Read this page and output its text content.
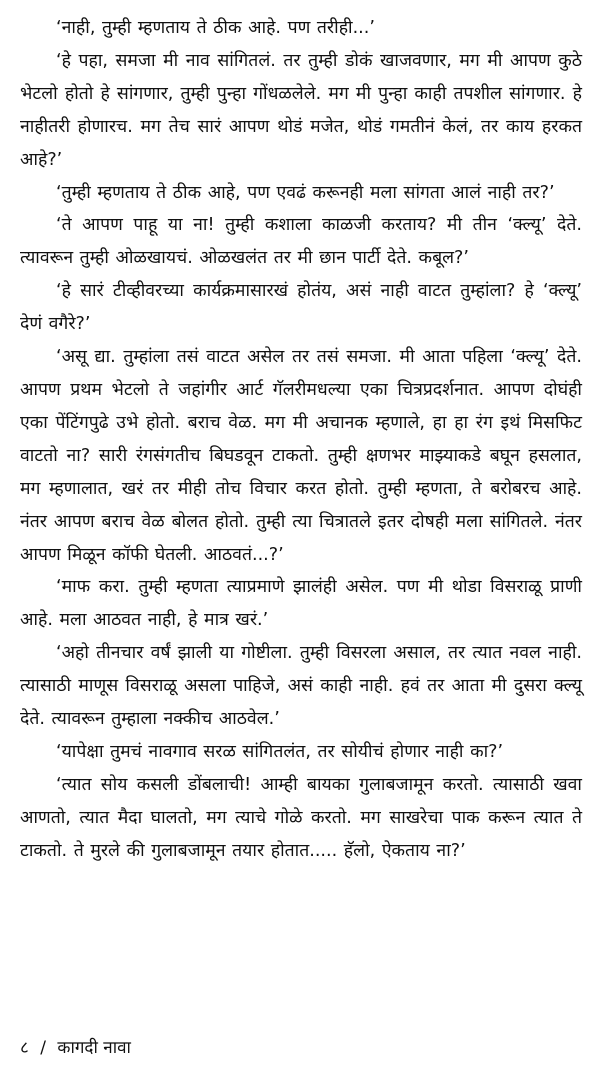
‘नाही, तुम्ही म्हणताय ते ठीक आहे. पण तरीही...’

‘हे पहा, समजा मी नाव सांगितलं. तर तुम्ही डोकं खाजवणार, मग मी आपण कुठे भेटलो होतो हे सांगणार, तुम्ही पुन्हा गोंधळलेले. मग मी पुन्हा काही तपशील सांगणार. हे नाहीतरी होणारच. मग तेच सारं आपण थोडं मजेत, थोडं गमतीनं केलं, तर काय हरकत आहे?’

‘तुम्ही म्हणताय ते ठीक आहे, पण एवढं करूनही मला सांगता आलं नाही तर?’

‘ते आपण पाहू या ना! तुम्ही कशाला काळजी करताय? मी तीन ‘क्ल्यू’ देते. त्यावरून तुम्ही ओळखायचं. ओळखलंत तर मी छान पार्टी देते. कबूल?’

‘हे सारं टीव्हीवरच्या कार्यक्रमासारखं होतंय, असं नाही वाटत तुम्हांला? हे ‘क्ल्यू’ देणं वगैरे?’

‘असू द्या. तुम्हांला तसं वाटत असेल तर तसं समजा. मी आता पहिला ‘क्ल्यू’ देते. आपण प्रथम भेटलो ते जहांगीर आर्ट गॅलरीमधल्या एका चित्रप्रदर्शनात. आपण दोघंही एका पेंटिंगपुढे उभे होतो. बराच वेळ. मग मी अचानक म्हणाले, हा हा रंग इथं मिसफिट वाटतो ना? सारी रंगसंगतीच बिघडवून टाकतो. तुम्ही क्षणभर माझ्याकडे बघून हसलात, मग म्हणालात, खरं तर मीही तोच विचार करत होतो. तुम्ही म्हणता, ते बरोबरच आहे. नंतर आपण बराच वेळ बोलत होतो. तुम्ही त्या चित्रातले इतर दोषही मला सांगितले. नंतर आपण मिळून कॉफी घेतली. आठवतं...?’

‘माफ करा. तुम्ही म्हणता त्याप्रमाणे झालंही असेल. पण मी थोडा विसराळू प्राणी आहे. मला आठवत नाही, हे मात्र खरं.’

‘अहो तीनचार वर्षं झाली या गोष्टीला. तुम्ही विसरला असाल, तर त्यात नवल नाही. त्यासाठी माणूस विसराळू असला पाहिजे, असं काही नाही. हवं तर आता मी दुसरा क्ल्यू देते. त्यावरून तुम्हाला नक्कीच आठवेल.’

‘यापेक्षा तुमचं नावगाव सरळ सांगितलंत, तर सोयीचं होणार नाही का?’

‘त्यात सोय कसली डोंबलाची! आम्ही बायका गुलाबजामून करतो. त्यासाठी खवा आणतो, त्यात मैदा घालतो, मग त्याचे गोळे करतो. मग साखरेचा पाक करून त्यात ते टाकतो. ते मुरले की गुलाबजामून तयार होतात..... हॅलो, ऐकताय ना?’

८ / कागदी नावा
